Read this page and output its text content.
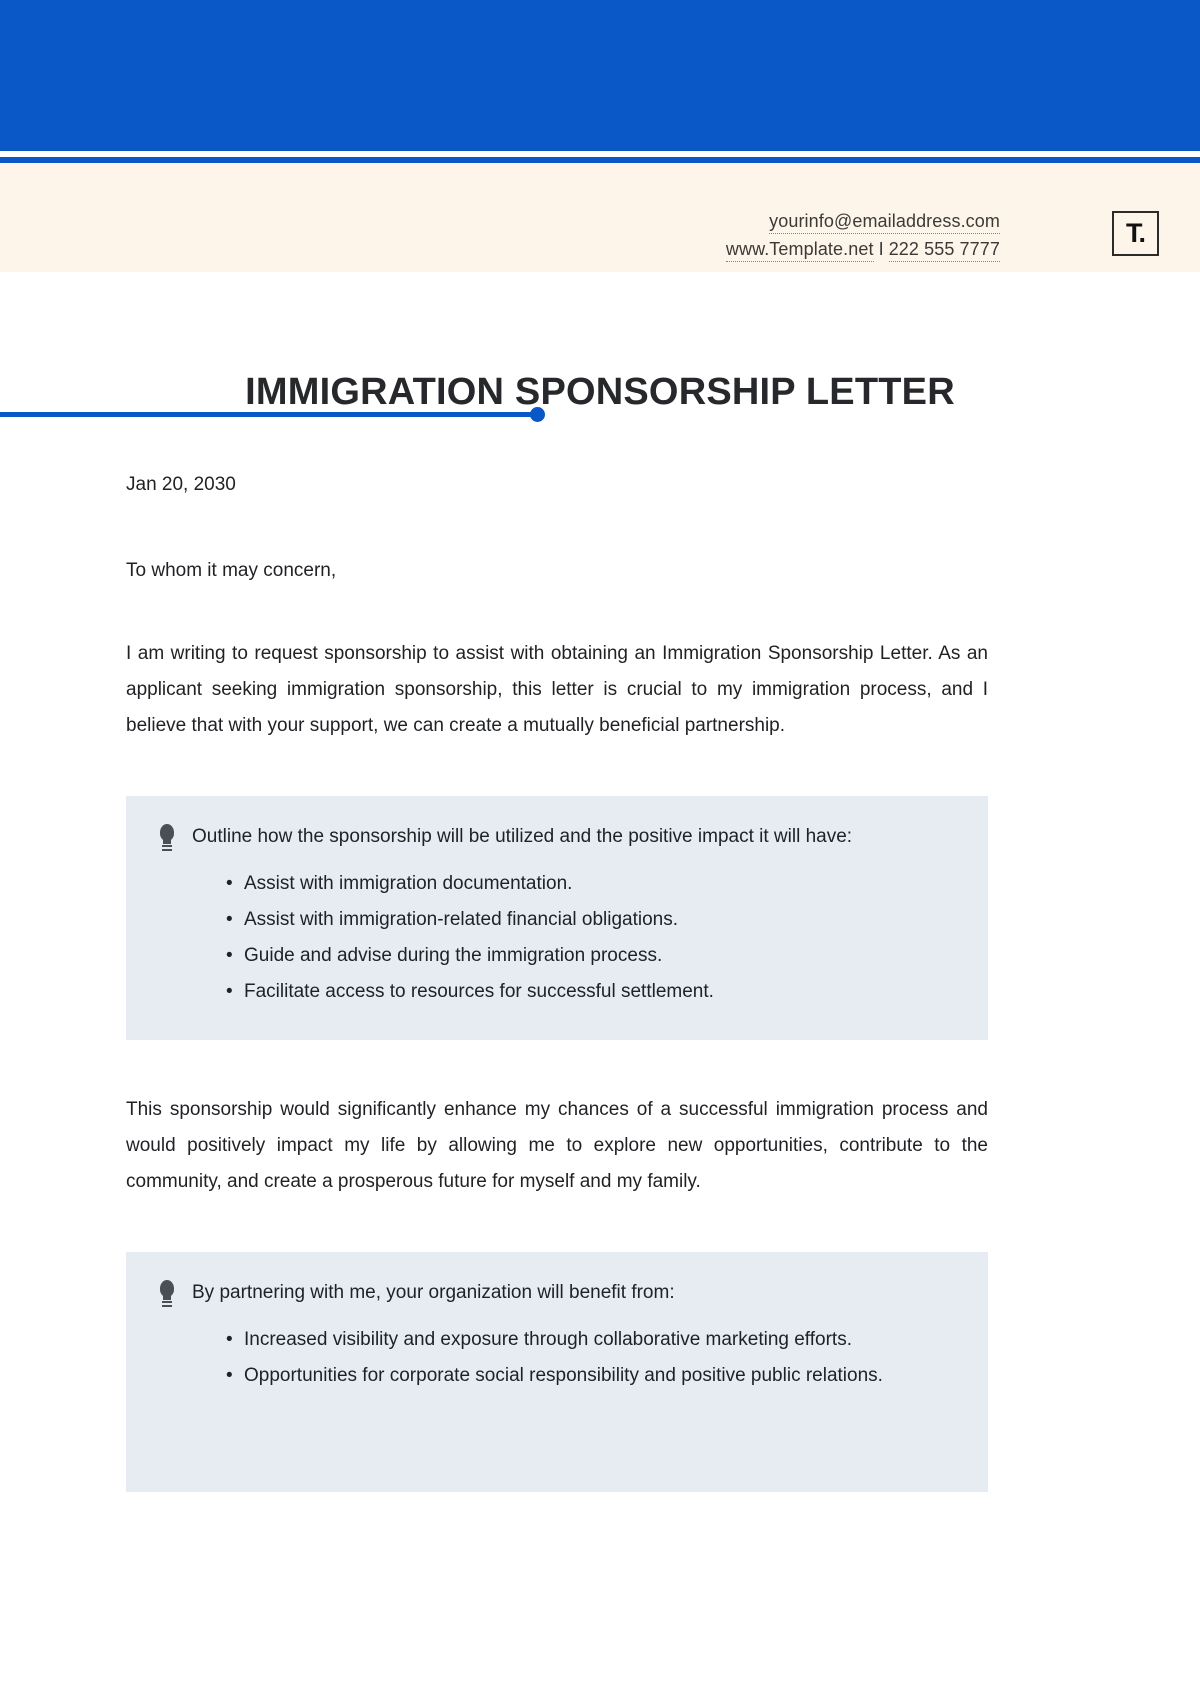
yourinfo@emailaddress.com
www.Template.net I 222 555 7777
T.
IMMIGRATION SPONSORSHIP LETTER
Jan 20, 2030
To whom it may concern,
I am writing to request sponsorship to assist with obtaining an Immigration Sponsorship Letter. As an applicant seeking immigration sponsorship, this letter is crucial to my immigration process, and I believe that with your support, we can create a mutually beneficial partnership.
Outline how the sponsorship will be utilized and the positive impact it will have:
• Assist with immigration documentation.
• Assist with immigration-related financial obligations.
• Guide and advise during the immigration process.
• Facilitate access to resources for successful settlement.
This sponsorship would significantly enhance my chances of a successful immigration process and would positively impact my life by allowing me to explore new opportunities, contribute to the community, and create a prosperous future for myself and my family.
By partnering with me, your organization will benefit from:
• Increased visibility and exposure through collaborative marketing efforts.
• Opportunities for corporate social responsibility and positive public relations.
